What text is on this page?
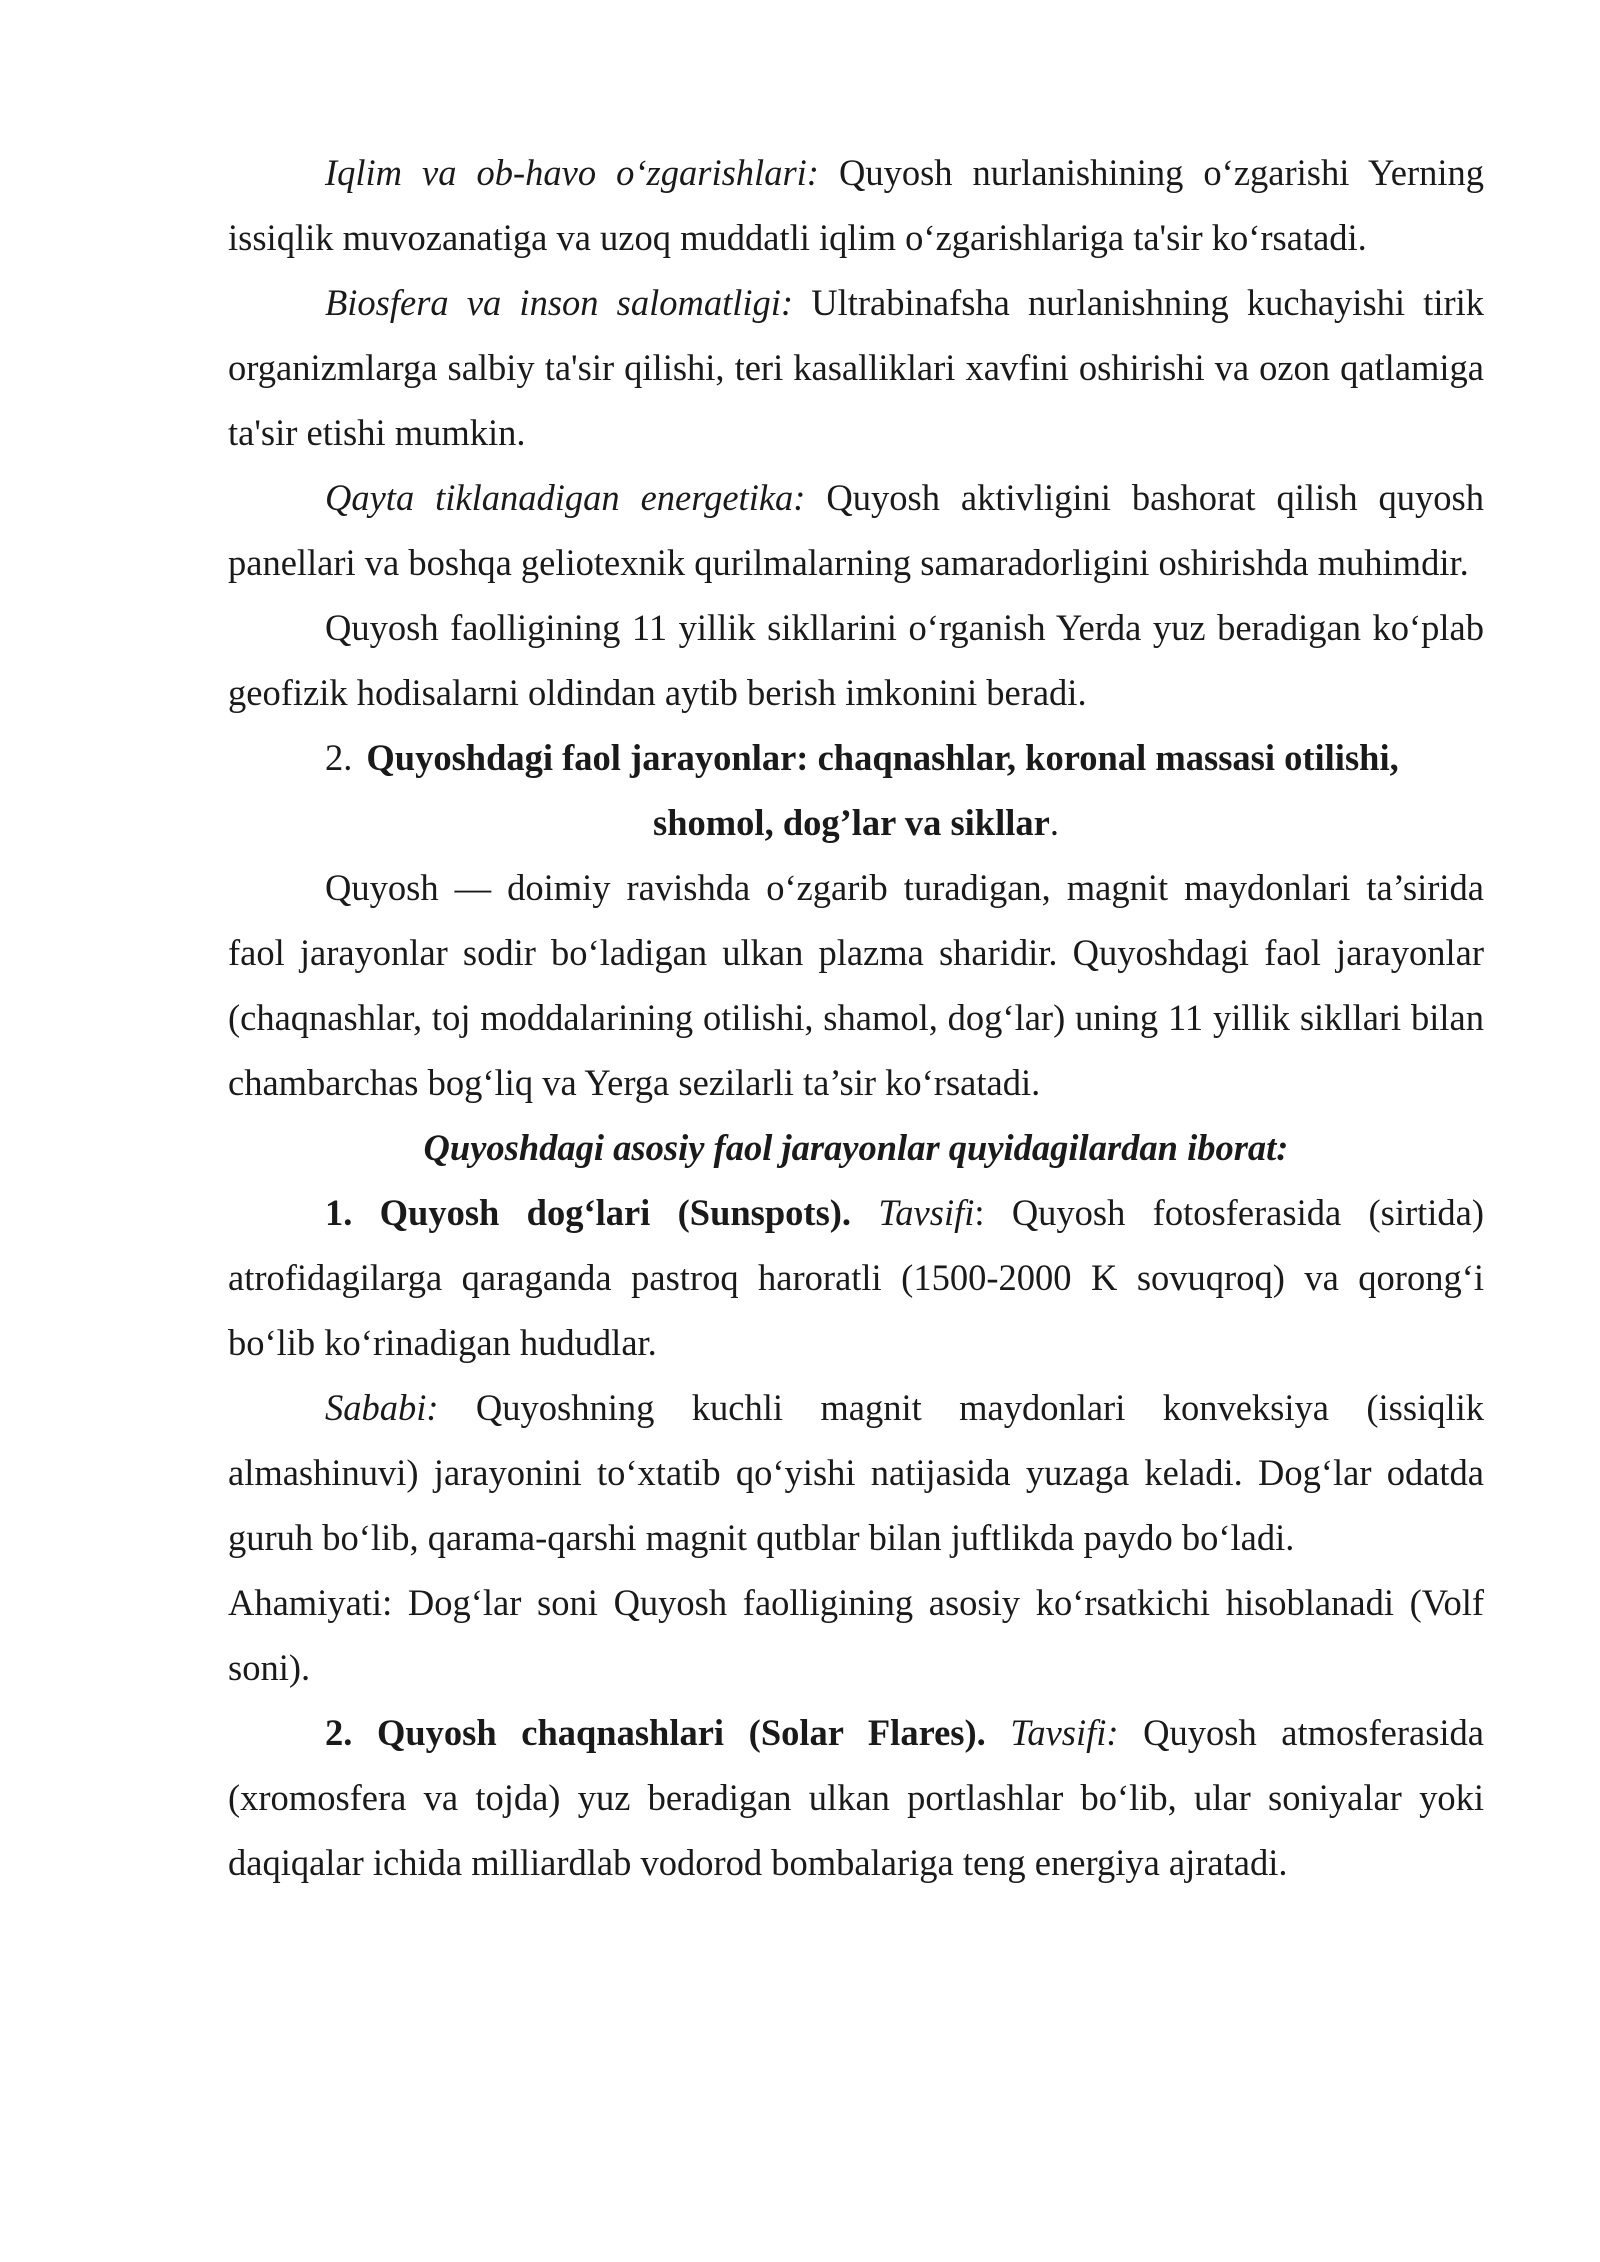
Iqlim va ob-havo o‘zgarishlari: Quyosh nurlanishining o‘zgarishi Yerning issiqlik muvozanatiga va uzoq muddatli iqlim o‘zgarishlariga ta'sir ko‘rsatadi.

Biosfera va inson salomatligi: Ultrabinafsha nurlanishning kuchayishi tirik organizmlarga salbiy ta'sir qilishi, teri kasalliklari xavfini oshirishi va ozon qatlamiga ta'sir etishi mumkin.

Qayta tiklanadigan energetika: Quyosh aktivligini bashorat qilish quyosh panellari va boshqa geliotexnik qurilmalarning samaradorligini oshirishda muhimdir.

Quyosh faolligining 11 yillik sikllarini o‘rganish Yerda yuz beradigan ko‘plab geofizik hodisalarni oldindan aytib berish imkonini beradi.

2. Quyoshdagi faol jarayonlar: chaqnashlar, koronal massasi otilishi,
shomol, dog’lar va sikllar.

Quyosh — doimiy ravishda o‘zgarib turadigan, magnit maydonlari ta’sirida faol jarayonlar sodir bo‘ladigan ulkan plazma sharidir. Quyoshdagi faol jarayonlar (chaqnashlar, toj moddalarining otilishi, shamol, dog‘lar) uning 11 yillik sikllari bilan chambarchas bog‘liq va Yerga sezilarli ta’sir ko‘rsatadi.

Quyoshdagi asosiy faol jarayonlar quyidagilardan iborat:

1. Quyosh dog‘lari (Sunspots). Tavsifi: Quyosh fotosferasida (sirtida) atrofidagilarga qaraganda pastroq haroratli (1500-2000 K sovuqroq) va qorong‘i bo‘lib ko‘rinadigan hududlar.

Sababi: Quyoshning kuchli magnit maydonlari konveksiya (issiqlik almashinuvi) jarayonini to‘xtatib qo‘yishi natijasida yuzaga keladi. Dog‘lar odatda guruh bo‘lib, qarama-qarshi magnit qutblar bilan juftlikda paydo bo‘ladi.

Ahamiyati: Dog‘lar soni Quyosh faolligining asosiy ko‘rsatkichi hisoblanadi (Volf soni).

2. Quyosh chaqnashlari (Solar Flares). Tavsifi: Quyosh atmosferasida (xromosfera va tojda) yuz beradigan ulkan portlashlar bo‘lib, ular soniyalar yoki daqiqalar ichida milliardlab vodorod bombalariga teng energiya ajratadi.
